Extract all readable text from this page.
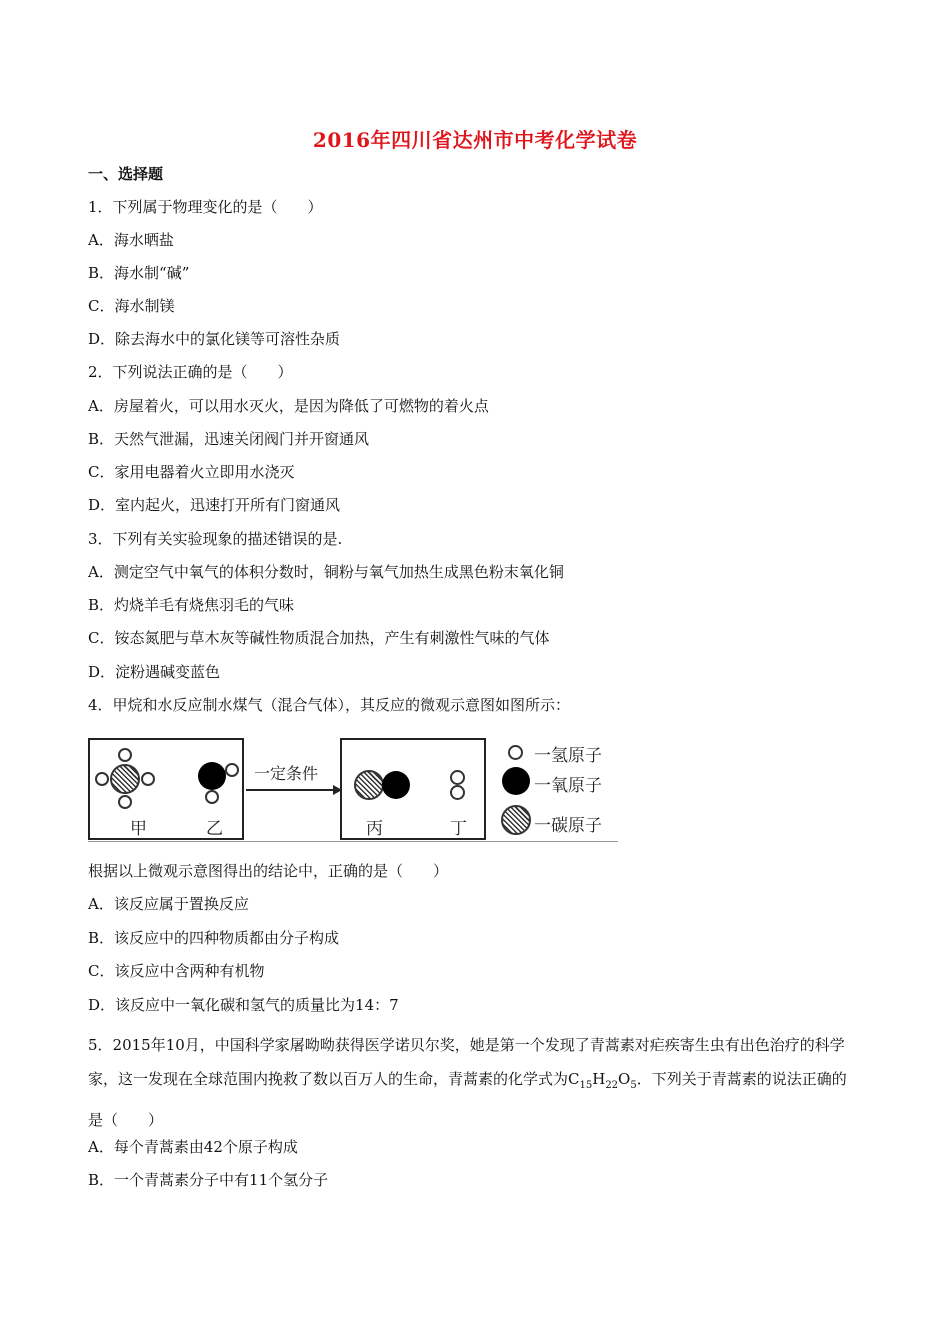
2016年四川省达州市中考化学试卷
一、选择题
1．下列属于物理变化的是（　　）
A．海水晒盐
B．海水制“碱”
C．海水制镁
D．除去海水中的氯化镁等可溶性杂质
2．下列说法正确的是（　　）
A．房屋着火，可以用水灭火，是因为降低了可燃物的着火点
B．天然气泄漏，迅速关闭阀门并开窗通风
C．家用电器着火立即用水浇灭
D．室内起火，迅速打开所有门窗通风
3．下列有关实验现象的描述错误的是.
A．测定空气中氧气的体积分数时，铜粉与氧气加热生成黑色粉末氧化铜
B．灼烧羊毛有烧焦羽毛的气味
C．铵态氮肥与草木灰等碱性物质混合加热，产生有刺激性气味的气体
D．淀粉遇碱变蓝色
4．甲烷和水反应制水煤气（混合气体），其反应的微观示意图如图所示：
甲	乙
一定条件
丙	丁
一氢原子
一氧原子
一碳原子
根据以上微观示意图得出的结论中，正确的是（　　）
A．该反应属于置换反应
B．该反应中的四种物质都由分子构成
C．该反应中含两种有机物
D．该反应中一氧化碳和氢气的质量比为14：7
5．2015年10月，中国科学家屠呦呦获得医学诺贝尔奖，她是第一个发现了青蒿素对疟疾寄生虫有出色治疗的科学家，这一发现在全球范围内挽救了数以百万人的生命，青蒿素的化学式为$C_{15}H_{22}O_5$．下列关于青蒿素的说法正确的是（　　）
A．每个青蒿素由42个原子构成
B．一个青蒿素分子中有11个氢分子
